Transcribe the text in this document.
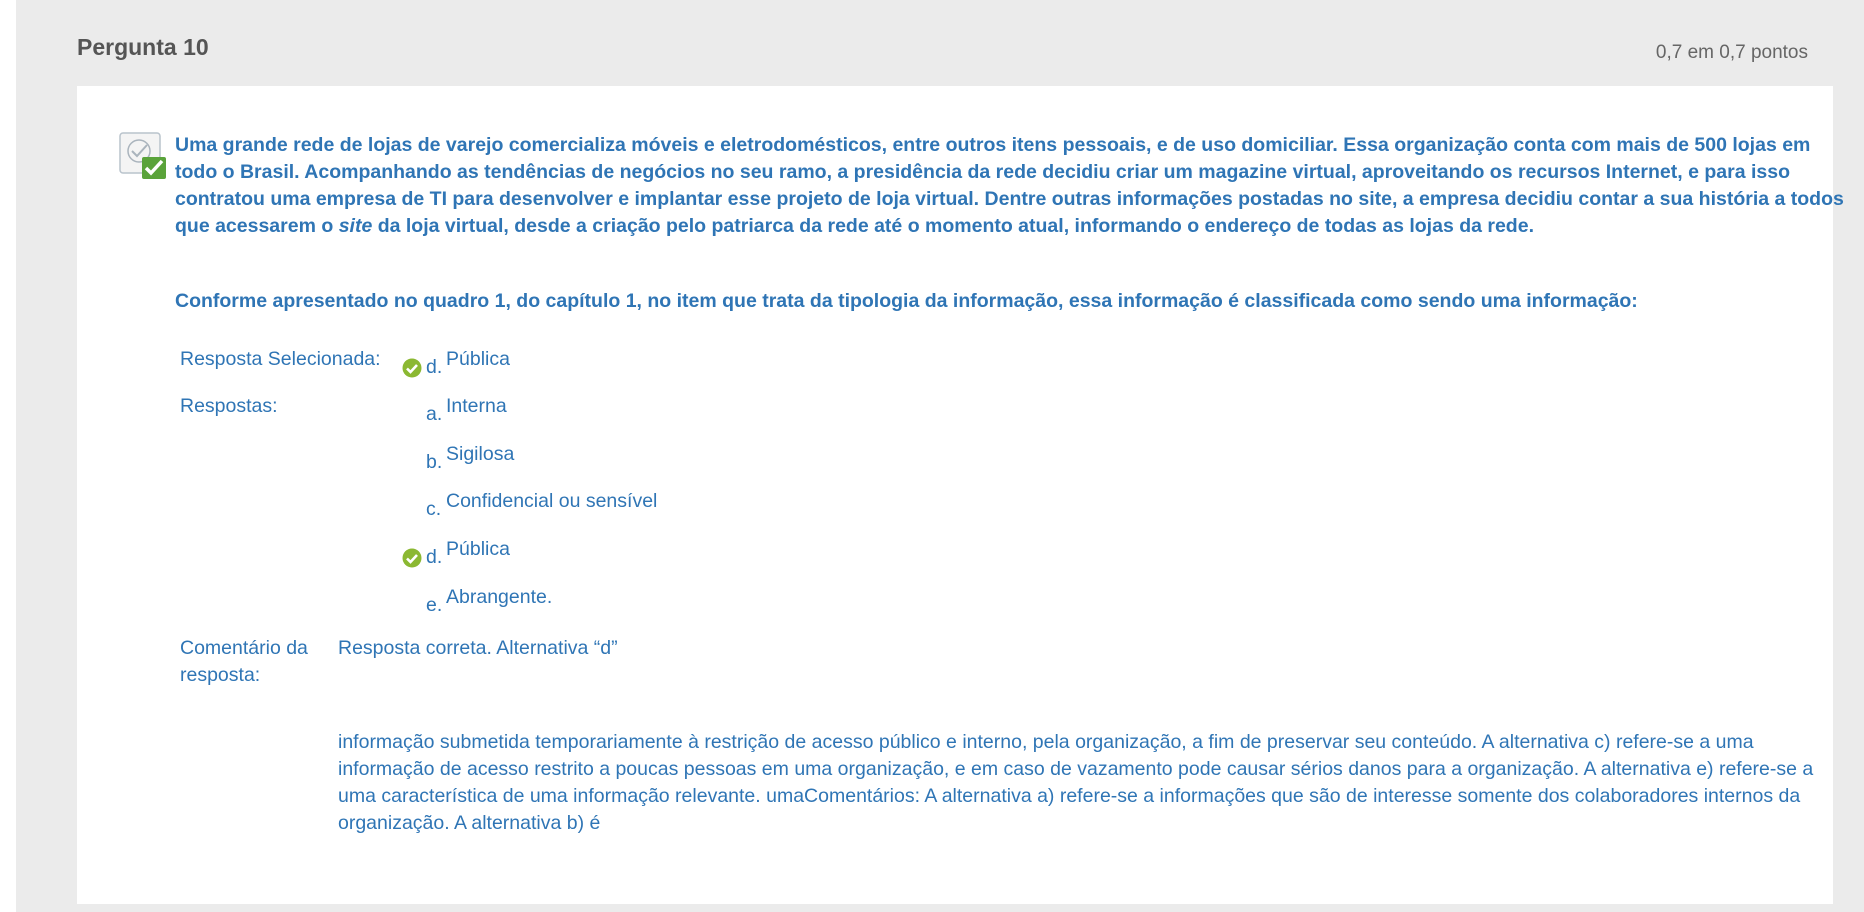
Pergunta 10	0,7 em 0,7 pontos

Uma grande rede de lojas de varejo comercializa móveis e eletrodomésticos, entre outros itens pessoais, e de uso domiciliar. Essa organização conta com mais de 500 lojas em todo o Brasil. Acompanhando as tendências de negócios no seu ramo, a presidência da rede decidiu criar um magazine virtual, aproveitando os recursos Internet, e para isso contratou uma empresa de TI para desenvolver e implantar esse projeto de loja virtual. Dentre outras informações postadas no site, a empresa decidiu contar a sua história a todos que acessarem o site da loja virtual, desde a criação pelo patriarca da rede até o momento atual, informando o endereço de todas as lojas da rede.

Conforme apresentado no quadro 1, do capítulo 1, no item que trata da tipologia da informação, essa informação é classificada como sendo uma informação:
Resposta Selecionada: d. Pública
Respostas:	a. Interna
b. Sigilosa
c. Confidencial ou sensível
d. Pública
e. Abrangente.
Comentário da
resposta:
Resposta correta. Alternativa “d”
informação submetida temporariamente à restrição de acesso público e interno, pela organização, a fim de preservar seu conteúdo. A alternativa c) refere-se a uma informação de acesso restrito a poucas pessoas em uma organização, e em caso de vazamento pode causar sérios danos para a organização. A alternativa e) refere-se a uma característica de uma informação relevante. umaComentários: A alternativa a) refere-se a informações que são de interesse somente dos colaboradores internos da organização. A alternativa b) é
